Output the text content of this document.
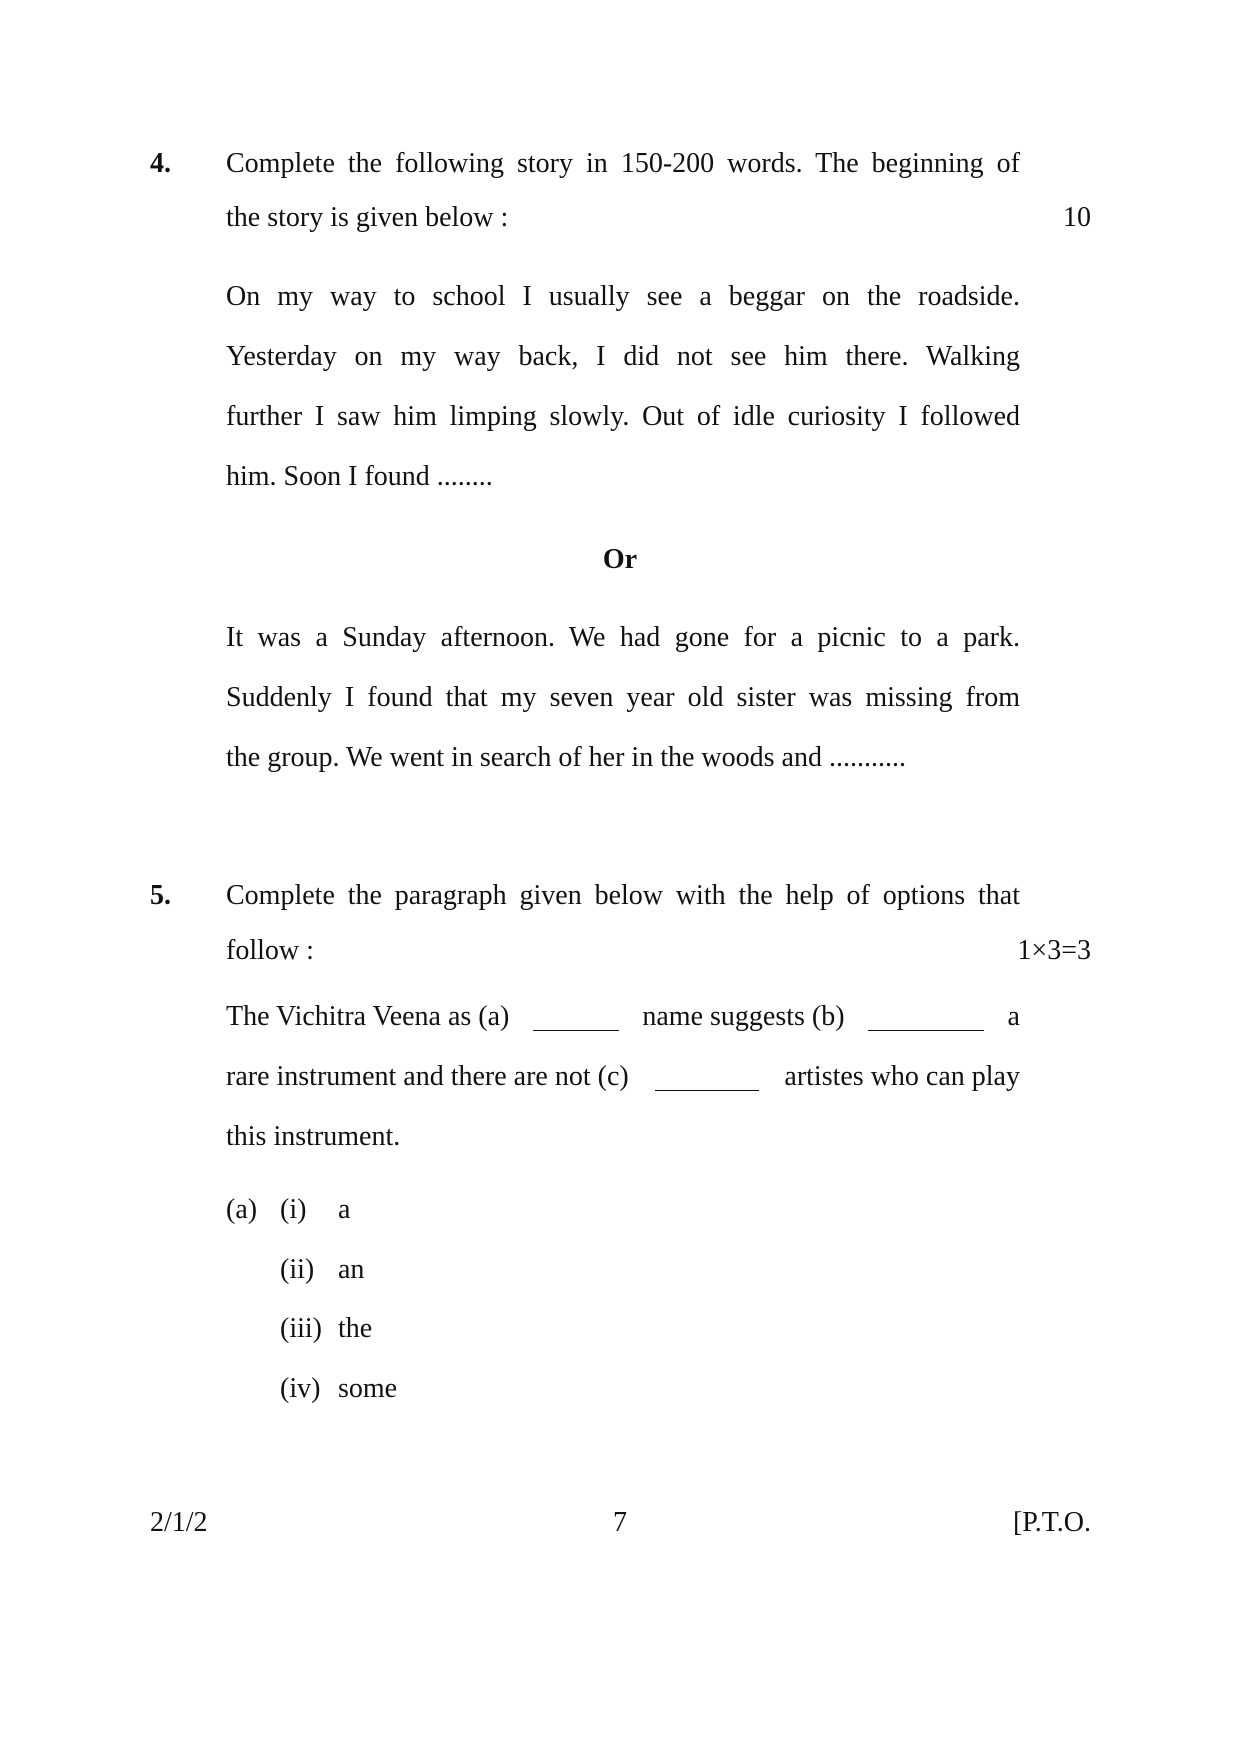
4. Complete the following story in 150-200 words. The beginning of
the story is given below :	10
On my way to school I usually see a beggar on the roadside.
Yesterday on my way back, I did not see him there. Walking
further I saw him limping slowly. Out of idle curiosity I followed
him. Soon I found ........
Or
It was a Sunday afternoon. We had gone for a picnic to a park.
Suddenly I found that my seven year old sister was missing from
the group. We went in search of her in the woods and ...........
5. Complete the paragraph given below with the help of options that
follow :	1×3=3
The Vichitra Veena as (a)	name suggests (b)	a
rare instrument and there are not (c)	artistes who can play
this instrument.
(a) (i) a
(ii) an
(iii) the
(iv) some
2/1/2	7	[P.T.O.
